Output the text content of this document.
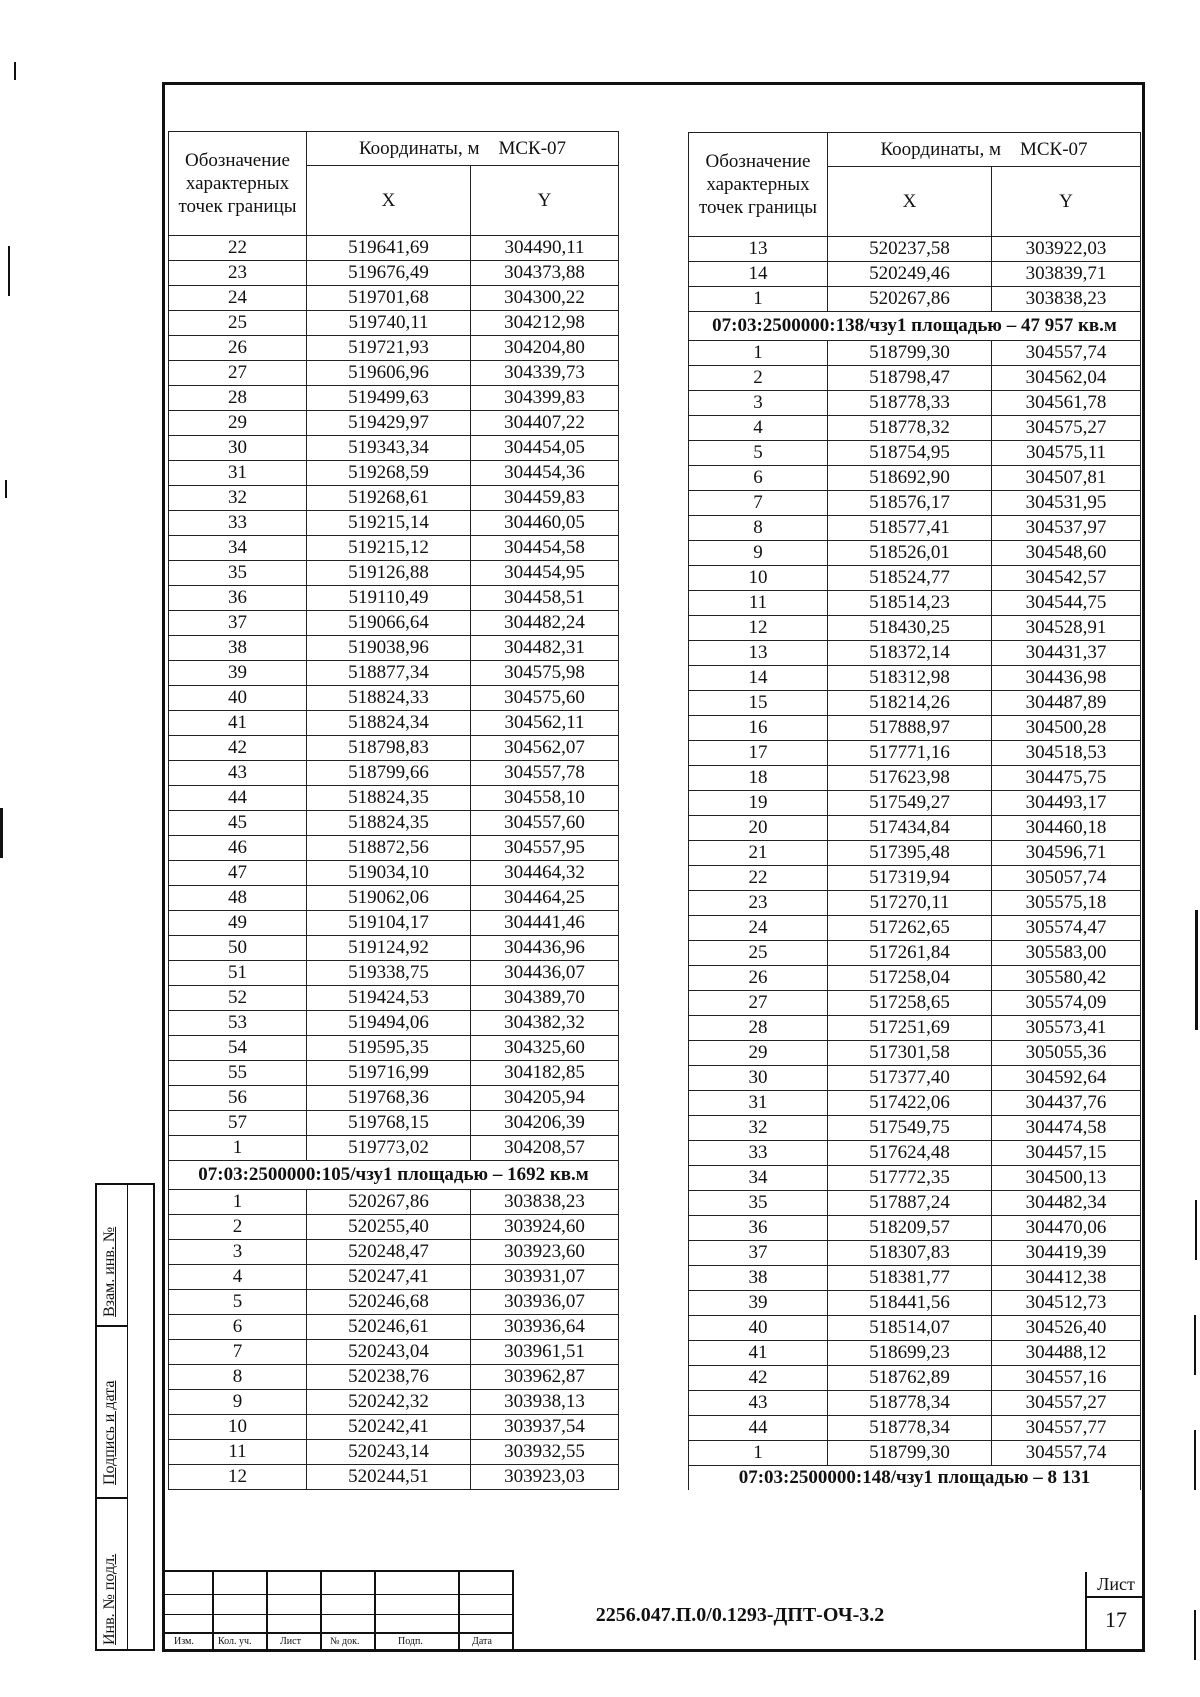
Обозначение характерных точек границы	Координаты, м МСК-07	
	X	Y
22	519641,69	304490,11
23	519676,49	304373,88
24	519701,68	304300,22
25	519740,11	304212,98
26	519721,93	304204,80
27	519606,96	304339,73
28	519499,63	304399,83
29	519429,97	304407,22
30	519343,34	304454,05
31	519268,59	304454,36
32	519268,61	304459,83
33	519215,14	304460,05
34	519215,12	304454,58
35	519126,88	304454,95
36	519110,49	304458,51
37	519066,64	304482,24
38	519038,96	304482,31
39	518877,34	304575,98
40	518824,33	304575,60
41	518824,34	304562,11
42	518798,83	304562,07
43	518799,66	304557,78
44	518824,35	304558,10
45	518824,35	304557,60
46	518872,56	304557,95
47	519034,10	304464,32
48	519062,06	304464,25
49	519104,17	304441,46
50	519124,92	304436,96
51	519338,75	304436,07
52	519424,53	304389,70
53	519494,06	304382,32
54	519595,35	304325,60
55	519716,99	304182,85
56	519768,36	304205,94
57	519768,15	304206,39
1	519773,02	304208,57
07:03:2500000:105/чзу1 площадью – 1692 кв.м		
1	520267,86	303838,23
2	520255,40	303924,60
3	520248,47	303923,60
4	520247,41	303931,07
5	520246,68	303936,07
6	520246,61	303936,64
7	520243,04	303961,51
8	520238,76	303962,87
9	520242,32	303938,13
10	520242,41	303937,54
11	520243,14	303932,55
12	520244,51	303923,03
Обозначение характерных точек границы	Координаты, м МСК-07	
	X	Y
13	520237,58	303922,03
14	520249,46	303839,71
1	520267,86	303838,23
07:03:2500000:138/чзу1 площадью – 47 957 кв.м		
1	518799,30	304557,74
2	518798,47	304562,04
3	518778,33	304561,78
4	518778,32	304575,27
5	518754,95	304575,11
6	518692,90	304507,81
7	518576,17	304531,95
8	518577,41	304537,97
9	518526,01	304548,60
10	518524,77	304542,57
11	518514,23	304544,75
12	518430,25	304528,91
13	518372,14	304431,37
14	518312,98	304436,98
15	518214,26	304487,89
16	517888,97	304500,28
17	517771,16	304518,53
18	517623,98	304475,75
19	517549,27	304493,17
20	517434,84	304460,18
21	517395,48	304596,71
22	517319,94	305057,74
23	517270,11	305575,18
24	517262,65	305574,47
25	517261,84	305583,00
26	517258,04	305580,42
27	517258,65	305574,09
28	517251,69	305573,41
29	517301,58	305055,36
30	517377,40	304592,64
31	517422,06	304437,76
32	517549,75	304474,58
33	517624,48	304457,15
34	517772,35	304500,13
35	517887,24	304482,34
36	518209,57	304470,06
37	518307,83	304419,39
38	518381,77	304412,38
39	518441,56	304512,73
40	518514,07	304526,40
41	518699,23	304488,12
42	518762,89	304557,16
43	518778,34	304557,27
44	518778,34	304557,77
1	518799,30	304557,74
07:03:2500000:148/чзу1 площадью – 8 131		
Взам. инв. №
Подпись и дата
Инв. № подл.	Изм. Кол. уч.	Лист	№ док.	Подп.	Дата
2256.047.П.0/0.1293-ДПТ-ОЧ-3.2
Лист
17
